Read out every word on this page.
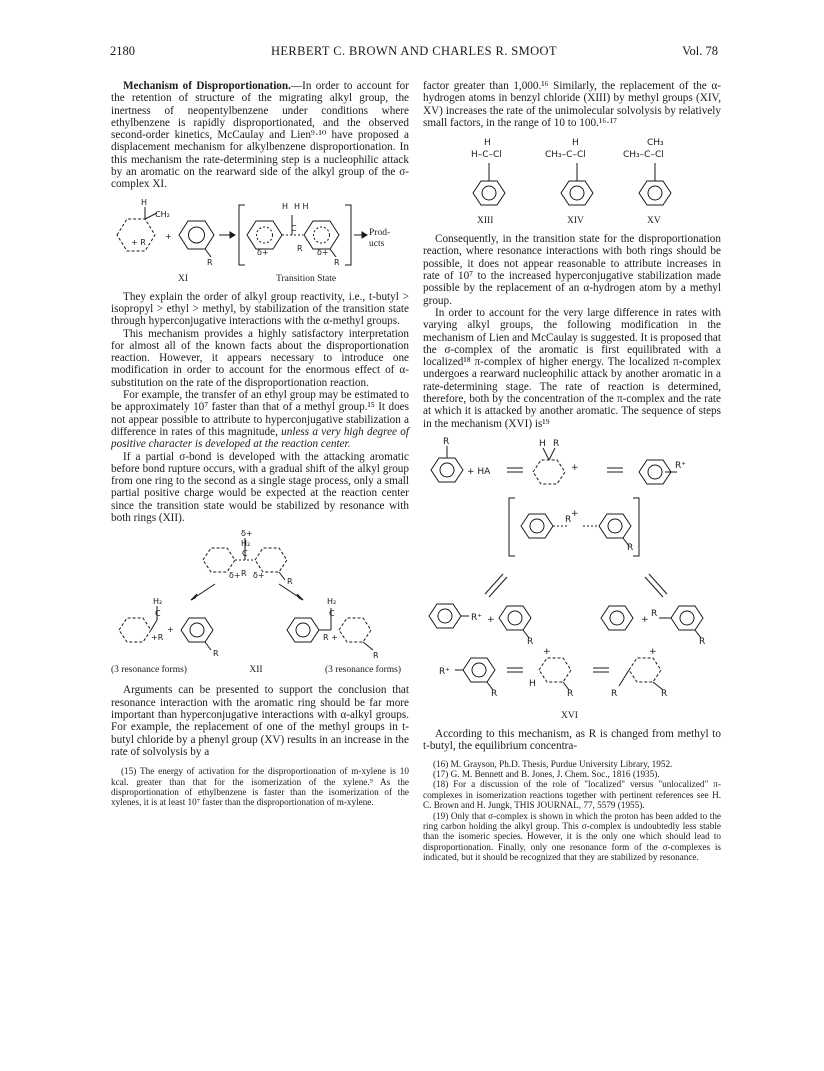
2180	HERBERT C. BROWN AND CHARLES R. SMOOT	Vol. 78

Mechanism of Disproportionation.—In order to account for the retention of structure of the migrating alkyl group, the inertness of neopentylbenzene under conditions where ethylbenzene is rapidly disproportionated, and the observed second-order kinetics, McCaulay and Lien⁹·¹⁰ have proposed a displacement mechanism for alkylbenzene disproportionation. In this mechanism the rate-determining step is a nucleophilic attack by an aromatic on the rearward side of the alkyl group of the σ-complex XI.

H
CH₂
+ R
+
R
H H H
C
δ+	R δ+
R
Prod-ucts
XI	Transition State

They explain the order of alkyl group reactivity, i.e., t-butyl > isopropyl > ethyl > methyl, by stabilization of the transition state through hyperconjugative interactions with the α-methyl groups.

This mechanism provides a highly satisfactory interpretation for almost all of the known facts about the disproportionation reaction. However, it appears necessary to introduce one modification in order to account for the enormous effect of α-substitution on the rate of the disproportionation reaction.

For example, the transfer of an ethyl group may be estimated to be approximately 10⁷ faster than that of a methyl group.¹⁵ It does not appear possible to attribute to hyperconjugative stabilization a difference in rates of this magnitude, unless a very high degree of positive character is developed at the reaction center.

If a partial σ-bond is developed with the attacking aromatic before bond rupture occurs, with a gradual shift of the alkyl group from one ring to the second as a single stage process, only a small partial positive charge would be expected at the reaction center since the transition state would be stabilized by resonance with both rings (XII).

δ+
H₂
C
δ+ R δ+
R
H₂
C
+R
+
R
H₂
C
R +
R
(3 resonance forms)	XII	(3 resonance forms)

Arguments can be presented to support the conclusion that resonance interaction with the aromatic ring should be far more important than hyperconjugative interactions with α-alkyl groups. For example, the replacement of one of the methyl groups in t-butyl chloride by a phenyl group (XV) results in an increase in the rate of solvolysis by a

(15) The energy of activation for the disproportionation of m-xylene is 10 kcal. greater than that for the isomerization of the xylene.⁹ As the disproportionation of ethylbenzene is faster than the isomerization of the xylenes, it is at least 10⁷ faster than the disproportionation of m-xylene.

factor greater than 1,000.¹⁶ Similarly, the replacement of the α-hydrogen atoms in benzyl chloride (XIII) by methyl groups (XIV, XV) increases the rate of the unimolecular solvolysis by relatively small factors, in the range of 10 to 100.¹⁶·¹⁷

H
H–C–Cl
H
CH₃–C–Cl
CH₃
CH₃–C–Cl
XIII	XIV	XV

Consequently, in the transition state for the disproportionation reaction, where resonance interactions with both rings should be possible, it does not appear reasonable to attribute increases in rate of 10⁷ to the increased hyperconjugative stabilization made possible by the replacement of an α-hydrogen atom by a methyl group.

In order to account for the very large difference in rates with varying alkyl groups, the following modification in the mechanism of Lien and McCaulay is suggested. It is proposed that the σ-complex of the aromatic is first equilibrated with a localized¹⁸ π-complex of higher energy. The localized π-complex undergoes a rearward nucleophilic attack by another aromatic in a rate-determining stage. The rate of reaction is determined, therefore, both by the concentration of the π-complex and the rate at which it is attacked by another aromatic. The sequence of steps in the mechanism (XVI) is¹⁹

R
+ HA
H R
+	R⁺
R
+
R
R⁺ +
R
+
R
R
R⁺
R
+
H
R	R	R
+
XVI

According to this mechanism, as R is changed from methyl to t-butyl, the equilibrium concentra-

(16) M. Grayson, Ph.D. Thesis, Purdue University Library, 1952.

(17) G. M. Bennett and B. Jones, J. Chem. Soc., 1816 (1935).

(18) For a discussion of the role of "localized" versus "unlocalized" π-complexes in isomerization reactions together with pertinent references see H. C. Brown and H. Jungk, THIS JOURNAL, 77, 5579 (1955).

(19) Only that σ-complex is shown in which the proton has been added to the ring carbon holding the alkyl group. This σ-complex is undoubtedly less stable than the isomeric species. However, it is the only one which should lead to disproportionation. Finally, only one resonance form of the σ-complexes is indicated, but it should be recognized that they are stabilized by resonance.
